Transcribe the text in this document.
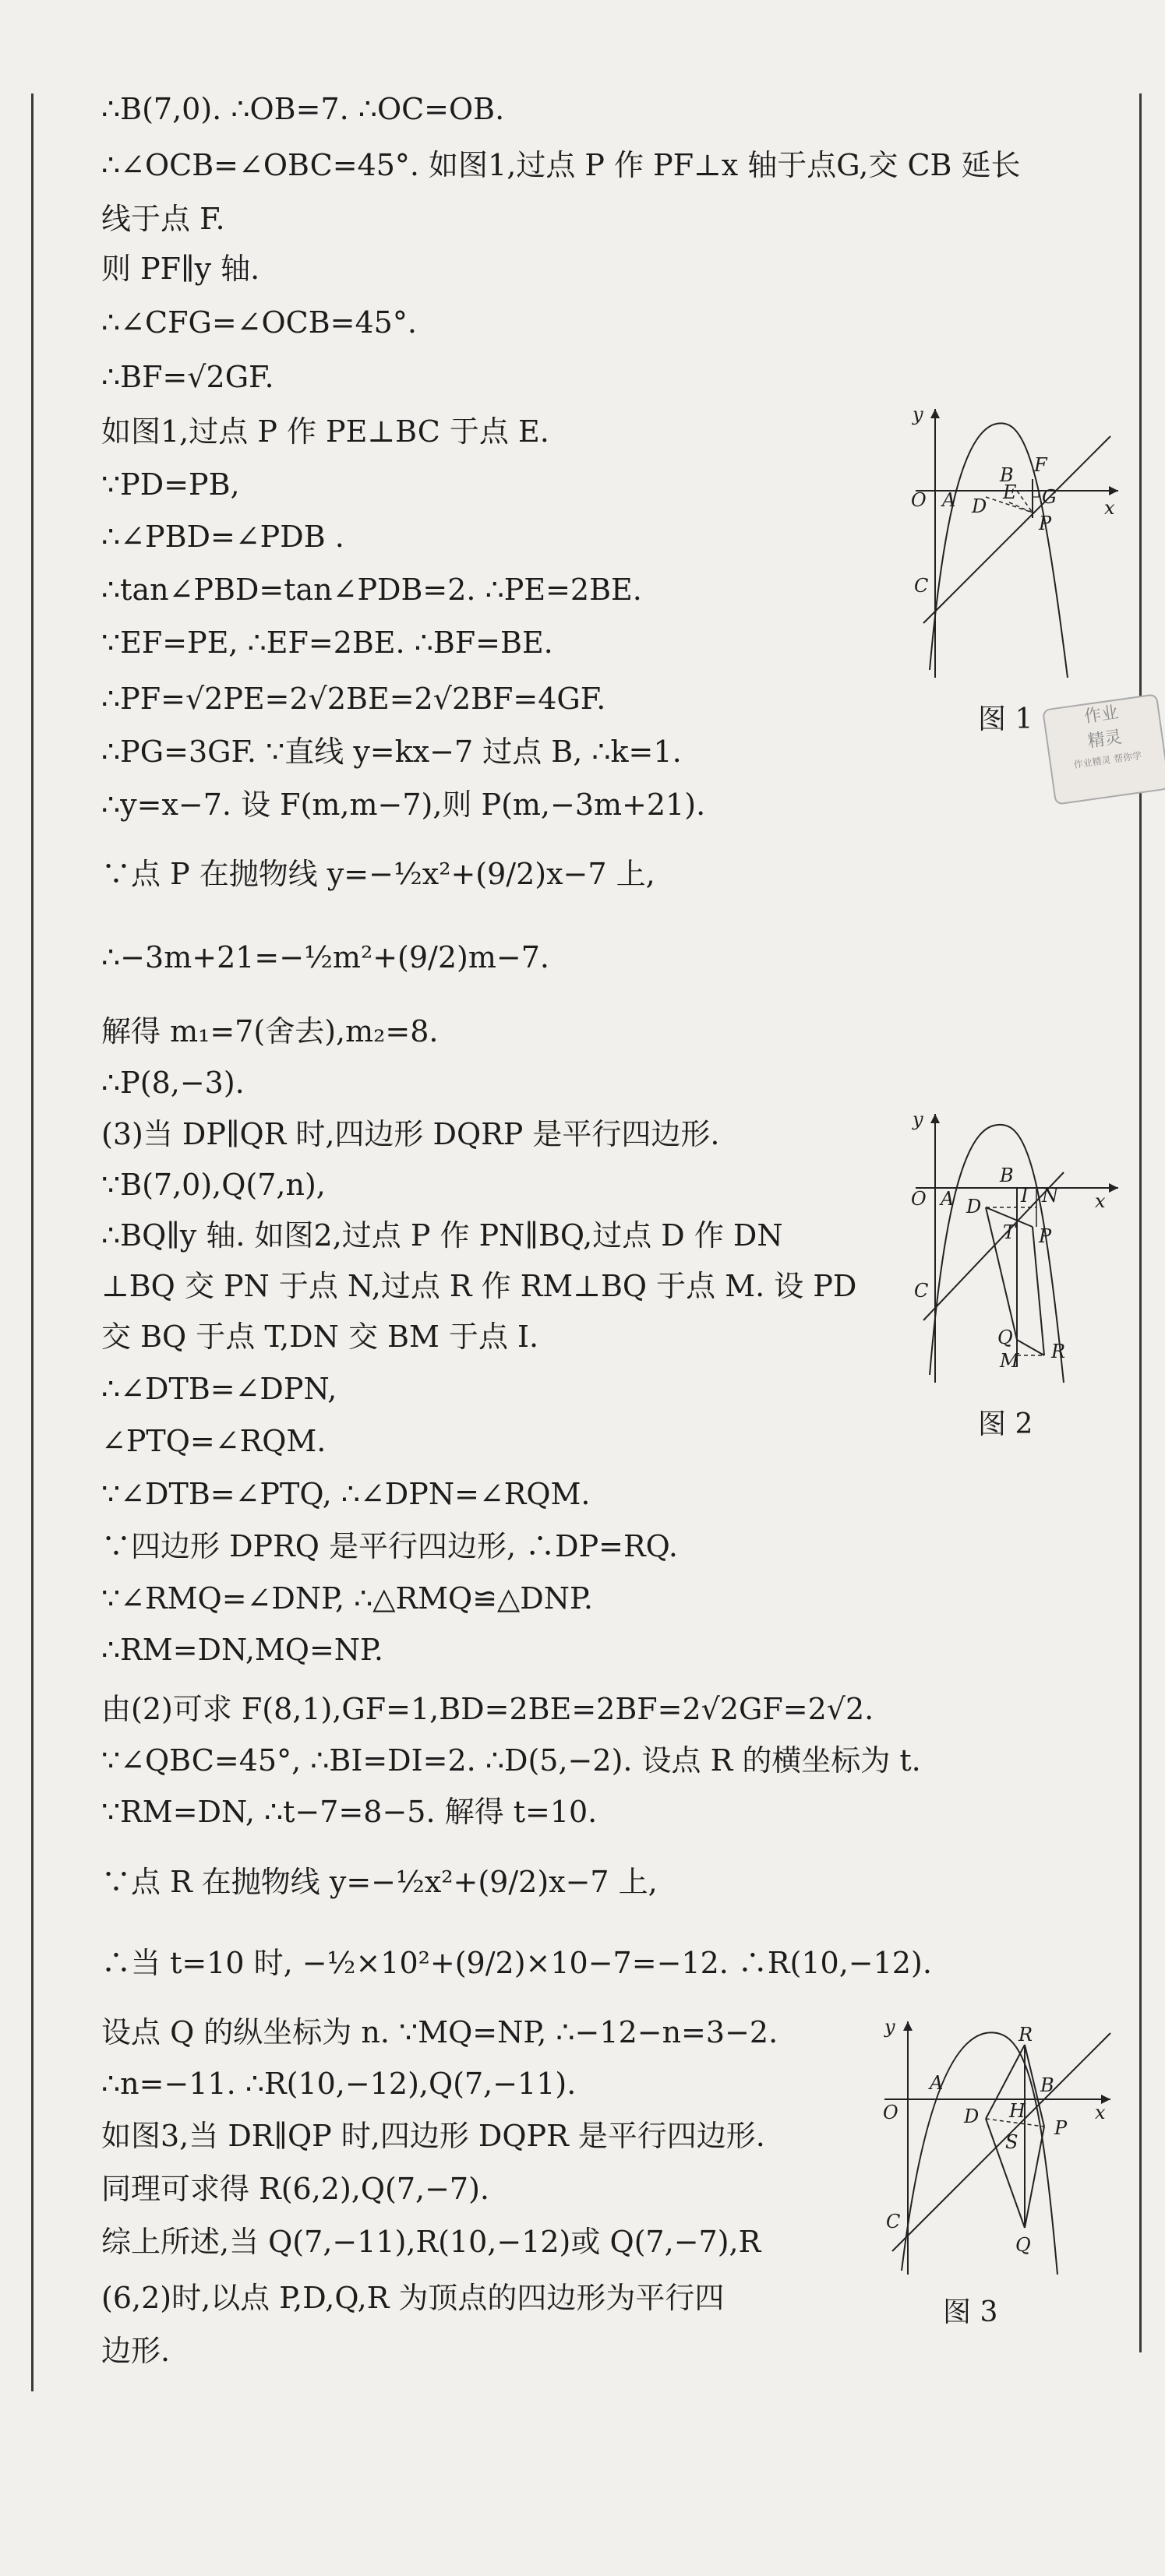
∴B(7,0). ∴OB=7. ∴OC=OB.
∴∠OCB=∠OBC=45°. 如图1,过点 P 作 PF⊥x 轴于点G,交 CB 延长
线于点 F.
则 PF∥y 轴.
∴∠CFG=∠OCB=45°.
∴BF=√2GF.
如图1,过点 P 作 PE⊥BC 于点 E.
∵PD=PB,
∴∠PBD=∠PDB .
∴tan∠PBD=tan∠PDB=2. ∴PE=2BE.
∵EF=PE, ∴EF=2BE. ∴BF=BE.
∴PF=√2PE=2√2BE=2√2BF=4GF.
∴PG=3GF. ∵直线 y=kx−7 过点 B, ∴k=1.
∴y=x−7. 设 F(m,m−7),则 P(m,−3m+21).
∵点 P 在抛物线 y=−½x²+(9/2)x−7 上,
∴−3m+21=−½m²+(9/2)m−7.
解得 m₁=7(舍去),m₂=8.
∴P(8,−3).
(3)当 DP∥QR 时,四边形 DQRP 是平行四边形.
∵B(7,0),Q(7,n),
∴BQ∥y 轴. 如图2,过点 P 作 PN∥BQ,过点 D 作 DN
⊥BQ 交 PN 于点 N,过点 R 作 RM⊥BQ 于点 M. 设 PD
交 BQ 于点 T,DN 交 BM 于点 I.
∴∠DTB=∠DPN,
∠PTQ=∠RQM.
∵∠DTB=∠PTQ, ∴∠DPN=∠RQM.
∵四边形 DPRQ 是平行四边形, ∴DP=RQ.
∵∠RMQ=∠DNP, ∴△RMQ≌△DNP.
∴RM=DN,MQ=NP.
由(2)可求 F(8,1),GF=1,BD=2BE=2BF=2√2GF=2√2.
∵∠QBC=45°, ∴BI=DI=2. ∴D(5,−2). 设点 R 的横坐标为 t.
∵RM=DN, ∴t−7=8−5. 解得 t=10.
∵点 R 在抛物线 y=−½x²+(9/2)x−7 上,
∴当 t=10 时, −½×10²+(9/2)×10−7=−12. ∴R(10,−12).
设点 Q 的纵坐标为 n. ∵MQ=NP, ∴−12−n=3−2.
∴n=−11. ∴R(10,−12),Q(7,−11).
如图3,当 DR∥QP 时,四边形 DQPR 是平行四边形.
同理可求得 R(6,2),Q(7,−7).
综上所述,当 Q(7,−11),R(10,−12)或 Q(7,−7),R
(6,2)时,以点 P,D,Q,R 为顶点的四边形为平行四
边形.
y
x
O A
B F
E G
D
P
C
图 1
y
x
O A
B
D I N
T P
C
Q
R
M
图 2
y
x
O
A
R
B
D H
S
P
C
Q
图 3
作业
精灵
作业精灵 帮你学
